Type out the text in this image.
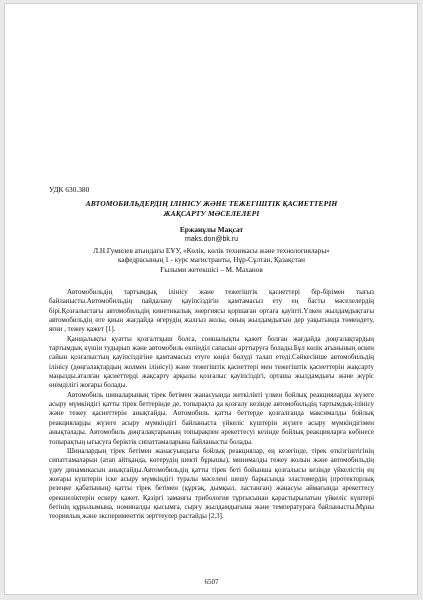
УДК 630.380
АВТОМОБИЛЬДЕРДІҢ ІЛІНІСУ ЖӘНЕ ТЕЖЕГІШТІК ҚАСИЕТТЕРІН
ЖАҚСАРТУ МӘСЕЛЕЛЕРІ
Ержанұлы Мақсат
maks.don@bk.ru
Л.Н.Гумилев атындағы ЕҰУ, «Көлік, көлік техникасы және технологиялары»
кафедрасының 1 - курс магистранты, Нұр-Сұлтан, Қазақстан
Ғылыми жетекшісі – М. Маханов

Автомобильдің тартымдық ілінісу және тежегіштік қасиеттері бір-бірімен тығыз байланысты.Автомобильдің пайдалану қауіпсіздігін қамтамасыз ету ең басты мәселелердің бірі.Қозғалыстағы автомобильдің кинетикалық энергиясы қоршаған ортаға қауіпті.Үлкен жылдамдықтағы автомобильдің өте қиын жағдайда өгерудің жалғыз жолы, оның жылдамдығын дер уақытында төмендету, яғни , тежеу қажет [1].

Қанщалықты қуатты қозғалтқыш болса, соншалықты қажет болған жағдайда дөңгалақтардың тартымдық күшін тудырып және автомобиль екпінділ сапасын арттыруға болады.Бұл көлік ағынының өскен сайын қозғалыстың қауіпсіздігіне қамтамасыз етуге көңіл бөлуді талап етеді.Сәйкесінше автомобильдің ілінісу (дөңгалақтардың жолмен ілінісуі) және тежегіштік қасиеттері мен тежегіштік қасиеттерін жақсарту маңызды.аталған қасиеттерді жақсарту арқылы қозғалыс қауіпсіздігі, орташа жылдамдығы және жүріс өнімділігі жоғары болады.

Автомобиль шиналарының тірек бетімен жанасуында жеткілікті үлкен бойлық реакцияларды жүзеге асыру мүмкіндігі қатты тірек беттерінде де, топырақта да қозғалу кезінде автомобильдің тартымдық-ілінісу және тежеу қасиеттерін анықтайды. Автомобиль қатты беттерде қозғалғанда максималды бойлық реакцияларды жүзеге асыру мүмкіндігі байланыста үйкеліс күштерін жүзеге асыру мүмкіндігімен анықталады. Автомобиль дөңгалақтарының топырақпен әрекеттесуі кезінде бойлық реакцияларға көбінесе топырақтың ығысуға беріктік сипаттамаларына байланысты болады.

Шиналардың тірек бетімен жанасуындағы бойлық реакциялар, ең кезегінде, тірек өткізгіштігінің сипаттамаларын (атап айтқанда, көтерудің шекті бұрышы), минималды тежеу жолын және автомобильдің үдеу динамикасын анықтайды.Автомобильдің қатты тірек беті бойынша қозғалысы кезінде үйкелістің ең жоғары күштерін іске асыру мүмкіндігі туралы мәселені шешу барысында эластомердің (протекторлық резеңке қабатының) қатты тірек бетімен (құрғақ, дымқыл, ластанған) жанасуы аймағында әрекеттесу ерекшеліктерін ескеру қажет. Қазіргі заманғы трибология тұрғысынан қарастырылатын үйкеліс күштері бетінің құрылымына, номиналды қысымға, сырғу жылдамдығына және температураға байланысты.Мұны теориялық және эксперименттік зерттеулер растайды [2,3].

6507
